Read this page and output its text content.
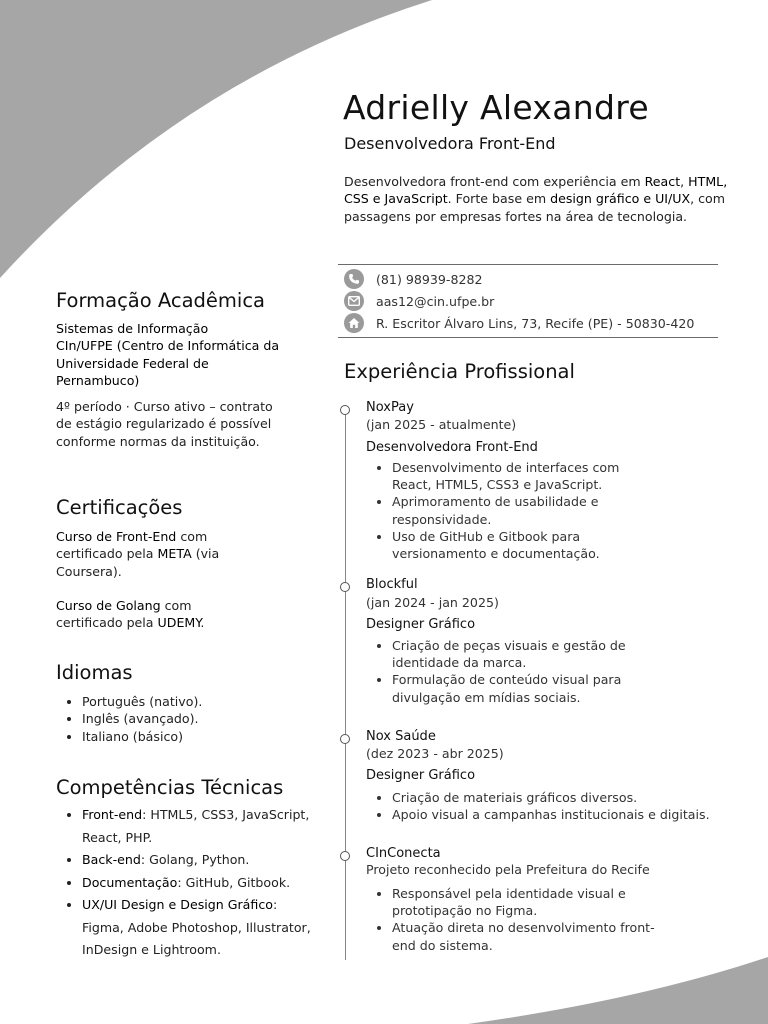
Adrielly Alexandre
Desenvolvedora Front-End
Desenvolvedora front-end com experiência em React, HTML, CSS e JavaScript. Forte base em design gráfico e UI/UX, com passagens por empresas fortes na área de tecnologia.
(81) 98939-8282
aas12@cin.ufpe.br
R. Escritor Álvaro Lins, 73, Recife (PE) - 50830-420
Formação Acadêmica
Sistemas de Informação
CIn/UFPE (Centro de Informática da Universidade Federal de Pernambuco)
4º período · Curso ativo – contrato de estágio regularizado é possível conforme normas da instituição.
Certificações
Curso de Front-End com certificado pela META (via Coursera).
Curso de Golang com certificado pela UDEMY.
Idiomas
• Português (nativo).
• Inglês (avançado).
• Italiano (básico)
Competências Técnicas
• Front-end: HTML5, CSS3, JavaScript, React, PHP.
• Back-end: Golang, Python.
• Documentação: GitHub, Gitbook.
• UX/UI Design e Design Gráfico: Figma, Adobe Photoshop, Illustrator, InDesign e Lightroom.
Experiência Profissional
NoxPay
(jan 2025 - atualmente)
Desenvolvedora Front-End
• Desenvolvimento de interfaces com React, HTML5, CSS3 e JavaScript.
• Aprimoramento de usabilidade e responsividade.
• Uso de GitHub e Gitbook para versionamento e documentação.
Blockful
(jan 2024 - jan 2025)
Designer Gráfico
• Criação de peças visuais e gestão de identidade da marca.
• Formulação de conteúdo visual para divulgação em mídias sociais.
Nox Saúde
(dez 2023 - abr 2025)
Designer Gráfico
• Criação de materiais gráficos diversos.
• Apoio visual a campanhas institucionais e digitais.
CInConecta
Projeto reconhecido pela Prefeitura do Recife
• Responsável pela identidade visual e prototipação no Figma.
• Atuação direta no desenvolvimento front-end do sistema.
